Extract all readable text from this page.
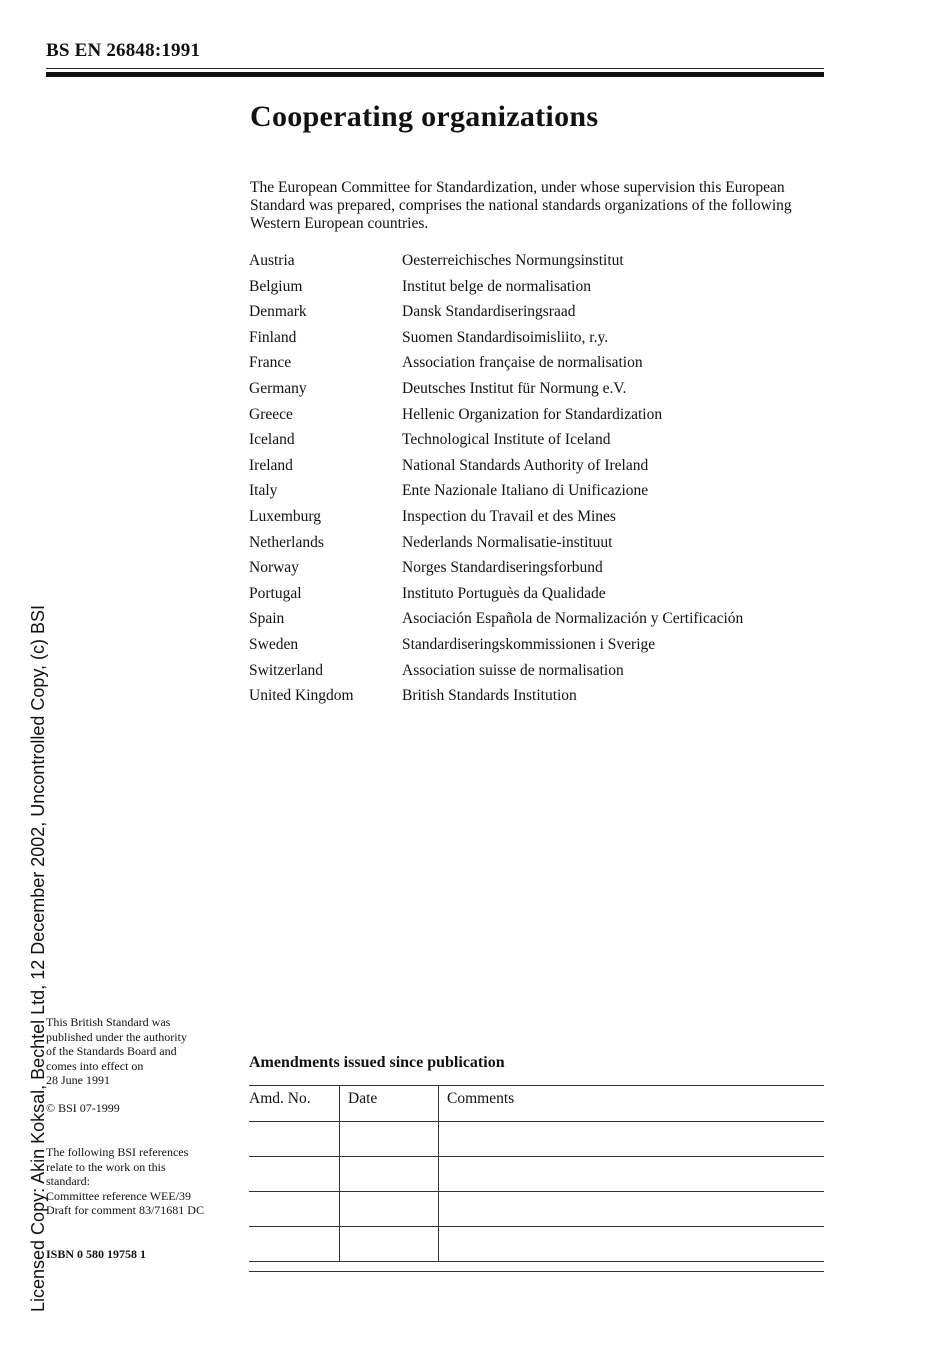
BS EN 26848:1991
Cooperating organizations
The European Committee for Standardization, under whose supervision this European Standard was prepared, comprises the national standards organizations of the following Western European countries.
Austria	Oesterreichisches Normungsinstitut
Belgium	Institut belge de normalisation
Denmark	Dansk Standardiseringsraad
Finland	Suomen Standardisoimisliito, r.y.
France	Association française de normalisation
Germany	Deutsches Institut für Normung e.V.
Greece	Hellenic Organization for Standardization
Iceland	Technological Institute of Iceland
Ireland	National Standards Authority of Ireland
Italy	Ente Nazionale Italiano di Unificazione
Luxemburg	Inspection du Travail et des Mines
Netherlands	Nederlands Normalisatie-instituut
Norway	Norges Standardiseringsforbund
Portugal	Instituto Portuguès da Qualidade
Spain	Asociación Española de Normalización y Certificación
Sweden	Standardiseringskommissionen i Sverige
Switzerland	Association suisse de normalisation
United Kingdom	British Standards Institution
This British Standard was
published under the authority
of the Standards Board and
comes into effect on
28 June 1991
© BSI 07-1999
The following BSI references
relate to the work on this
standard:
Committee reference WEE/39
Draft for comment 83/71681 DC
ISBN 0 580 19758 1
Amendments issued since publication
Amd. No.	Date	Comments

Licensed Copy: Akin Koksal, Bechtel Ltd, 12 December 2002, Uncontrolled Copy, (c) BSI
